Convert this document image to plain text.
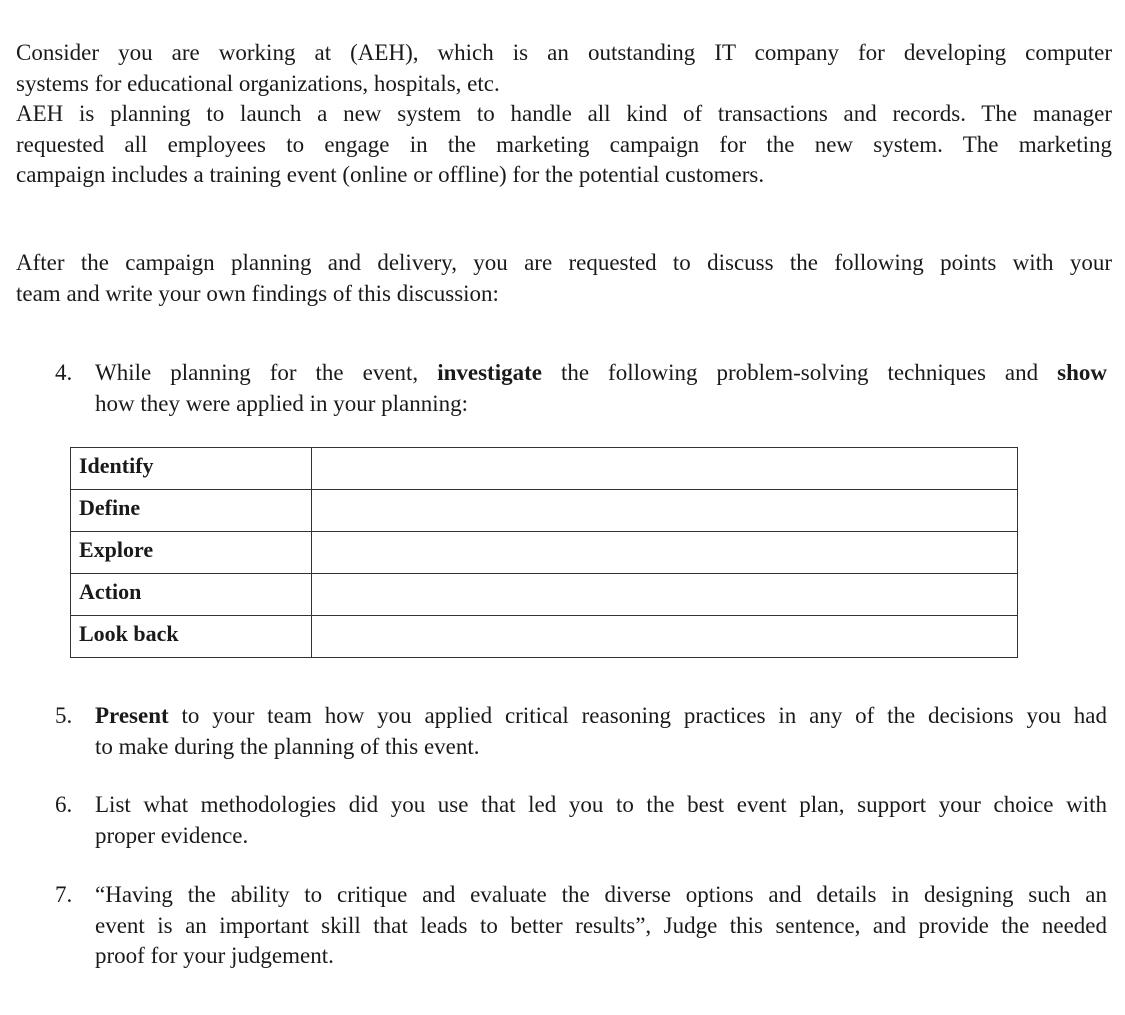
Consider you are working at (AEH), which is an outstanding IT company for developing computer
systems for educational organizations, hospitals, etc.
AEH is planning to launch a new system to handle all kind of transactions and records. The manager
requested all employees to engage in the marketing campaign for the new system. The marketing
campaign includes a training event (online or offline) for the potential customers.
After the campaign planning and delivery, you are requested to discuss the following points with your
team and write your own findings of this discussion:
4. While planning for the event, investigate the following problem-solving techniques and show
how they were applied in your planning:
Identify	
Define	
Explore	
Action	
Look back	
5. Present to your team how you applied critical reasoning practices in any of the decisions you had
to make during the planning of this event.
6. List what methodologies did you use that led you to the best event plan, support your choice with
proper evidence.
7. “Having the ability to critique and evaluate the diverse options and details in designing such an
event is an important skill that leads to better results”, Judge this sentence, and provide the needed
proof for your judgement.
